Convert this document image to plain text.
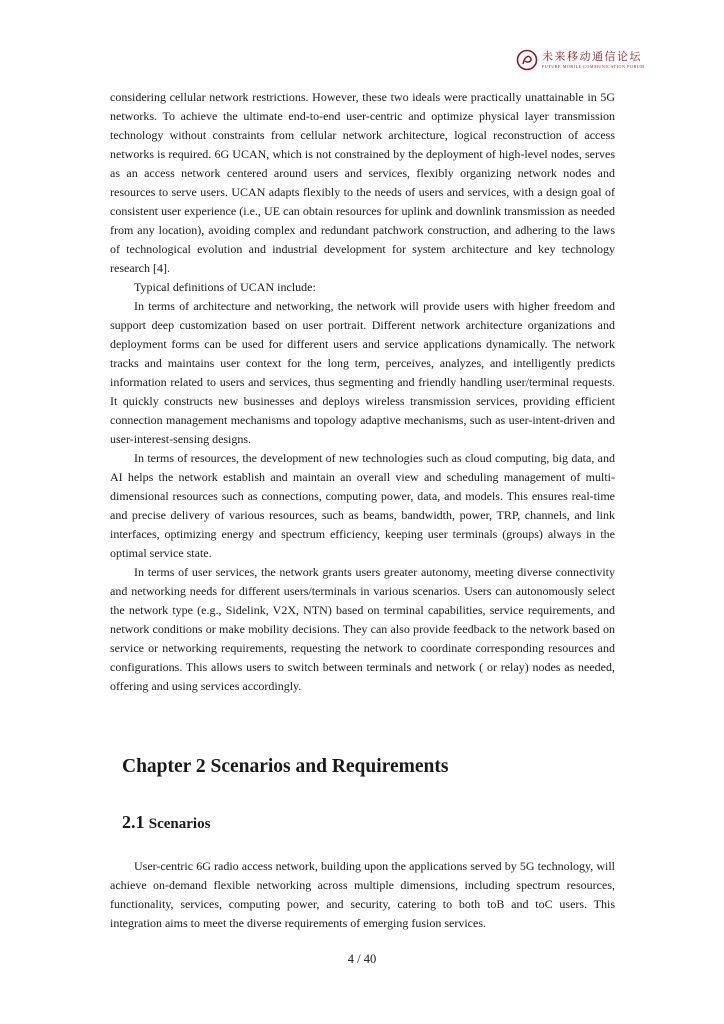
未来移动通信论坛
FUTURE MOBILE COMMUNICATION FORUM

considering cellular network restrictions. However, these two ideals were practically unattainable in 5G networks. To achieve the ultimate end-to-end user-centric and optimize physical layer transmission technology without constraints from cellular network architecture, logical reconstruction of access networks is required. 6G UCAN, which is not constrained by the deployment of high-level nodes, serves as an access network centered around users and services, flexibly organizing network nodes and resources to serve users. UCAN adapts flexibly to the needs of users and services, with a design goal of consistent user experience (i.e., UE can obtain resources for uplink and downlink transmission as needed from any location), avoiding complex and redundant patchwork construction, and adhering to the laws of technological evolution and industrial development for system architecture and key technology research [4].

Typical definitions of UCAN include:

In terms of architecture and networking, the network will provide users with higher freedom and support deep customization based on user portrait. Different network architecture organizations and deployment forms can be used for different users and service applications dynamically. The network tracks and maintains user context for the long term, perceives, analyzes, and intelligently predicts information related to users and services, thus segmenting and friendly handling user/terminal requests. It quickly constructs new businesses and deploys wireless transmission services, providing efficient connection management mechanisms and topology adaptive mechanisms, such as user-intent-driven and user-interest-sensing designs.

In terms of resources, the development of new technologies such as cloud computing, big data, and AI helps the network establish and maintain an overall view and scheduling management of multi-dimensional resources such as connections, computing power, data, and models. This ensures real-time and precise delivery of various resources, such as beams, bandwidth, power, TRP, channels, and link interfaces, optimizing energy and spectrum efficiency, keeping user terminals (groups) always in the optimal service state.

In terms of user services, the network grants users greater autonomy, meeting diverse connectivity and networking needs for different users/terminals in various scenarios. Users can autonomously select the network type (e.g., Sidelink, V2X, NTN) based on terminal capabilities, service requirements, and network conditions or make mobility decisions. They can also provide feedback to the network based on service or networking requirements, requesting the network to coordinate corresponding resources and configurations. This allows users to switch between terminals and network ( or relay) nodes as needed, offering and using services accordingly.

Chapter 2 Scenarios and Requirements
2.1 Scenarios

User-centric 6G radio access network, building upon the applications served by 5G technology, will achieve on-demand flexible networking across multiple dimensions, including spectrum resources, functionality, services, computing power, and security, catering to both toB and toC users. This integration aims to meet the diverse requirements of emerging fusion services.

4 / 40
